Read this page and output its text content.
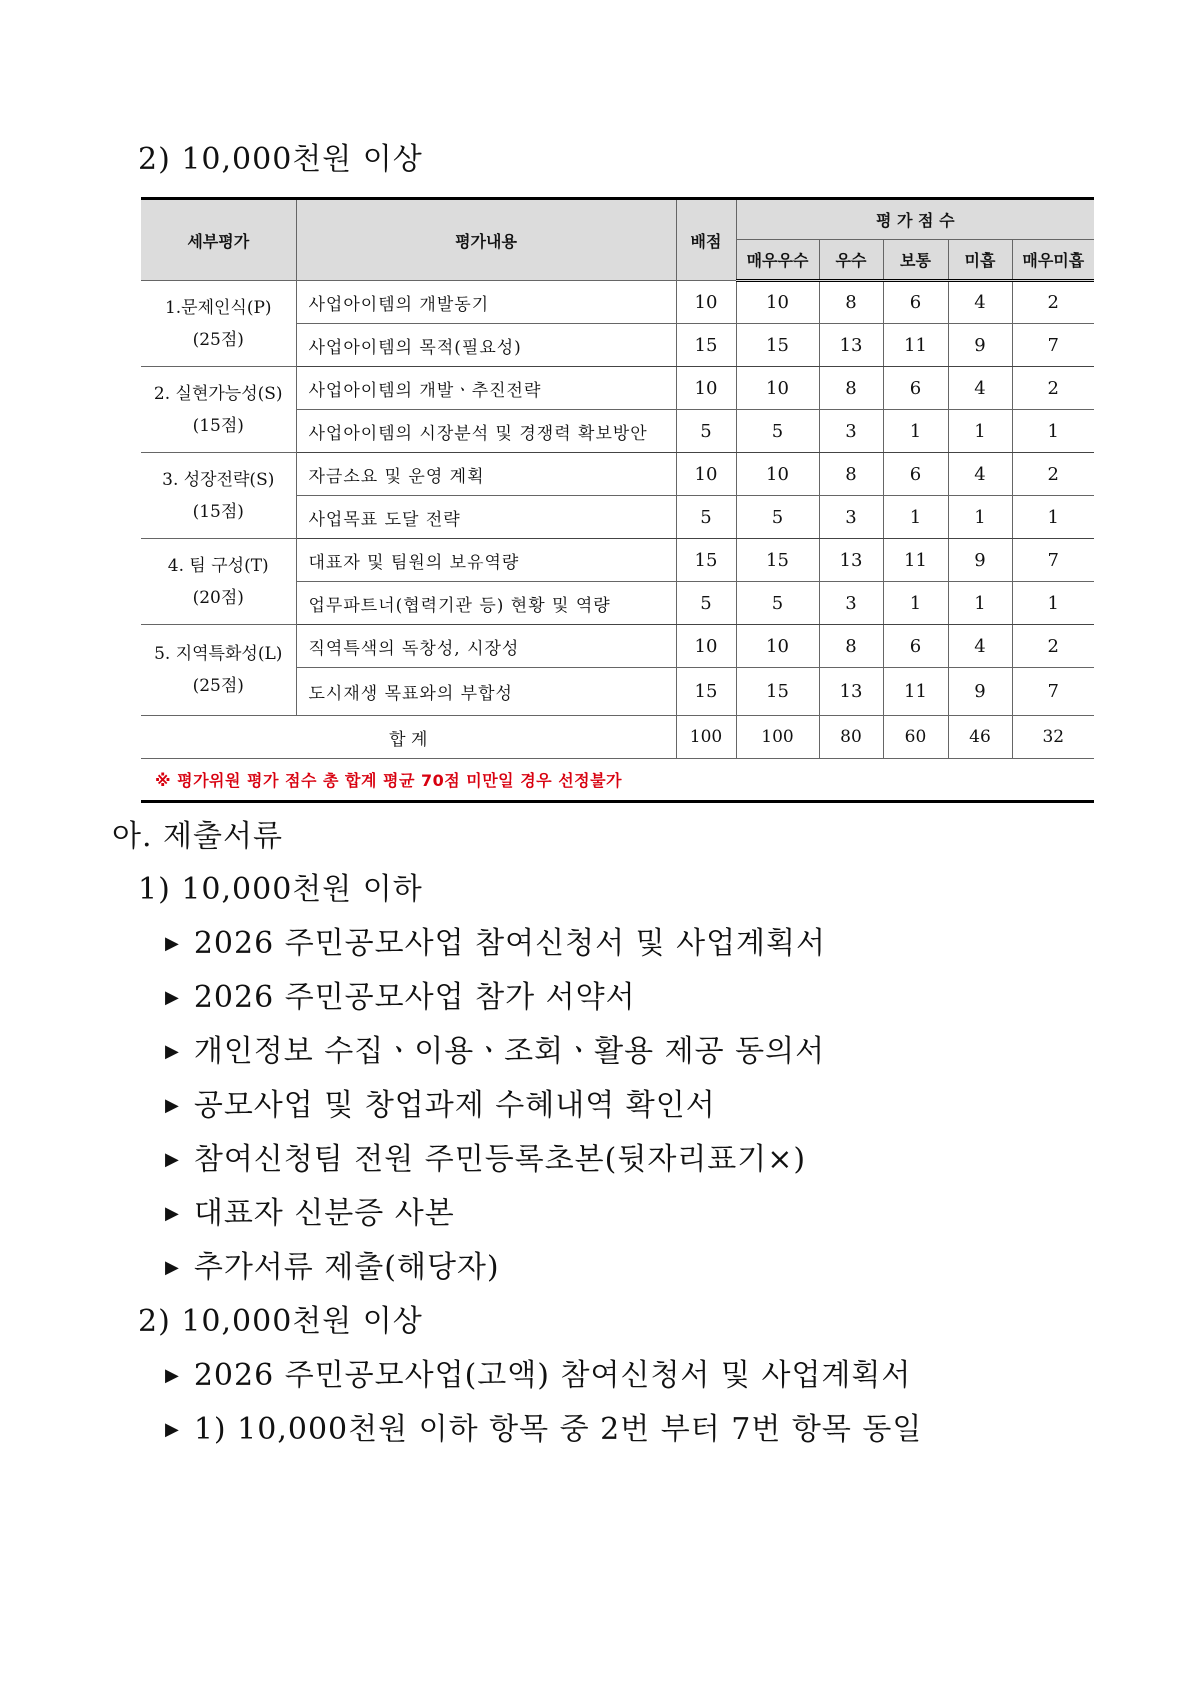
2) 10,000천원 이상
세부평가	평가내용	배점	평 가 점 수				
			매우우수	우수	보통	미흡	매우미흡

1.문제인식(P)
(25점)	사업아이템의 개발동기	10	10	8	6	4	2
	사업아이템의 목적(필요성)	15	15	13	11	9	7

2. 실현가능성(S)
(15점)	사업아이템의 개발ㆍ추진전략	10	10	8	6	4	2
	사업아이템의 시장분석 및 경쟁력 확보방안	5	5	3	1	1	1

3. 성장전략(S)
(15점)	자금소요 및 운영 계획	10	10	8	6	4	2
	사업목표 도달 전략	5	5	3	1	1	1

4. 팀 구성(T)
(20점)	대표자 및 팀원의 보유역량	15	15	13	11	9	7
	업무파트너(협력기관 등) 현황 및 역량	5	5	3	1	1	1

5. 지역특화성(L)
(25점)	직역특색의 독창성, 시장성	10	10	8	6	4	2
	도시재생 목표와의 부합성	15	15	13	11	9	7
합 계		100	100	80	60	46	32
※ 평가위원 평가 점수 총 합계 평균 70점 미만일 경우 선정불가							
아. 제출서류
1) 10,000천원 이하
▶ 2026 주민공모사업 참여신청서 및 사업계획서
▶ 2026 주민공모사업 참가 서약서
▶ 개인정보 수집ㆍ이용ㆍ조회ㆍ활용 제공 동의서
▶ 공모사업 및 창업과제 수혜내역 확인서
▶ 참여신청팀 전원 주민등록초본(뒷자리표기×)
▶ 대표자 신분증 사본
▶ 추가서류 제출(해당자)
2) 10,000천원 이상
▶ 2026 주민공모사업(고액) 참여신청서 및 사업계획서
▶ 1) 10,000천원 이하 항목 중 2번 부터 7번 항목 동일
